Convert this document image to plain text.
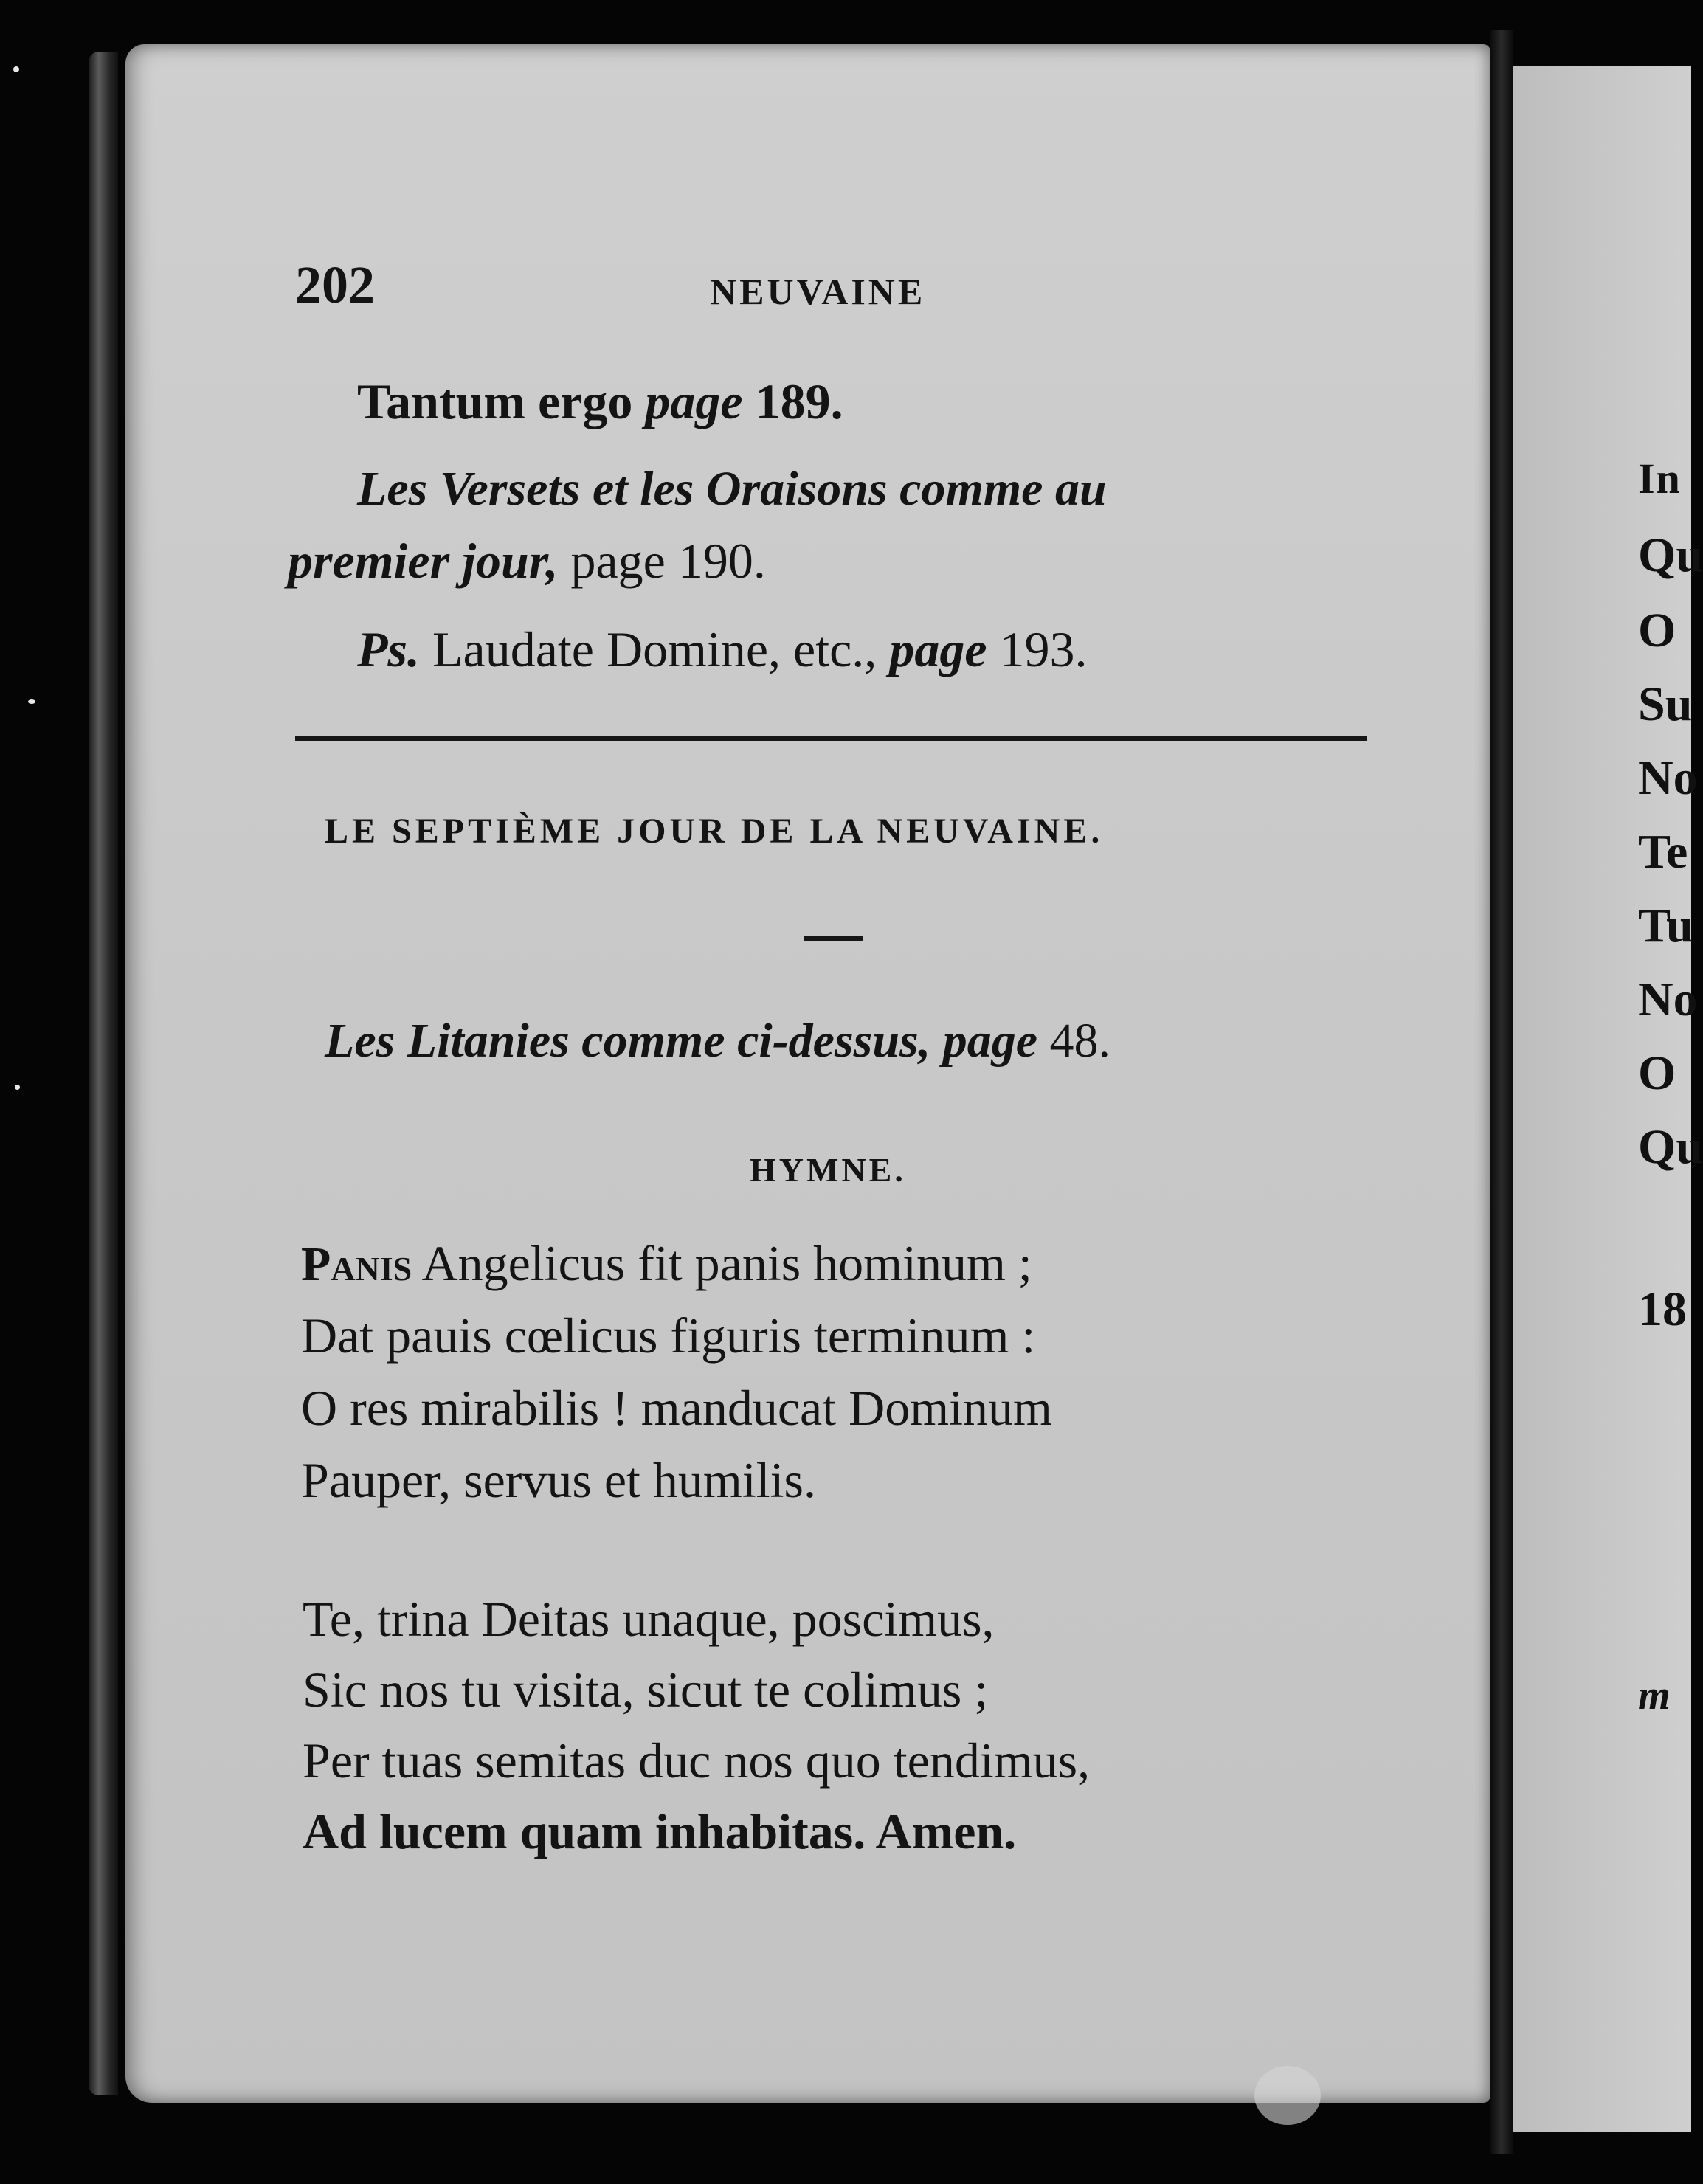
In
Qu
O
Su
No
Te
Tu
No
O
Qu
18
m
202	NEUVAINE
Tantum ergo page 189.
Les Versets et les Oraisons comme au
premier jour, page 190.
Ps. Laudate Domine, etc., page 193.
LE SEPTIÈME JOUR DE LA NEUVAINE.
Les Litanies comme ci-dessus, page 48.
HYMNE.
Panis Angelicus fit panis hominum ;
Dat pauis cœlicus figuris terminum :
O res mirabilis ! manducat Dominum
Pauper, servus et humilis.
Te, trina Deitas unaque, poscimus,
Sic nos tu visita, sicut te colimus ;
Per tuas semitas duc nos quo tendimus,
Ad lucem quam inhabitas. Amen.
